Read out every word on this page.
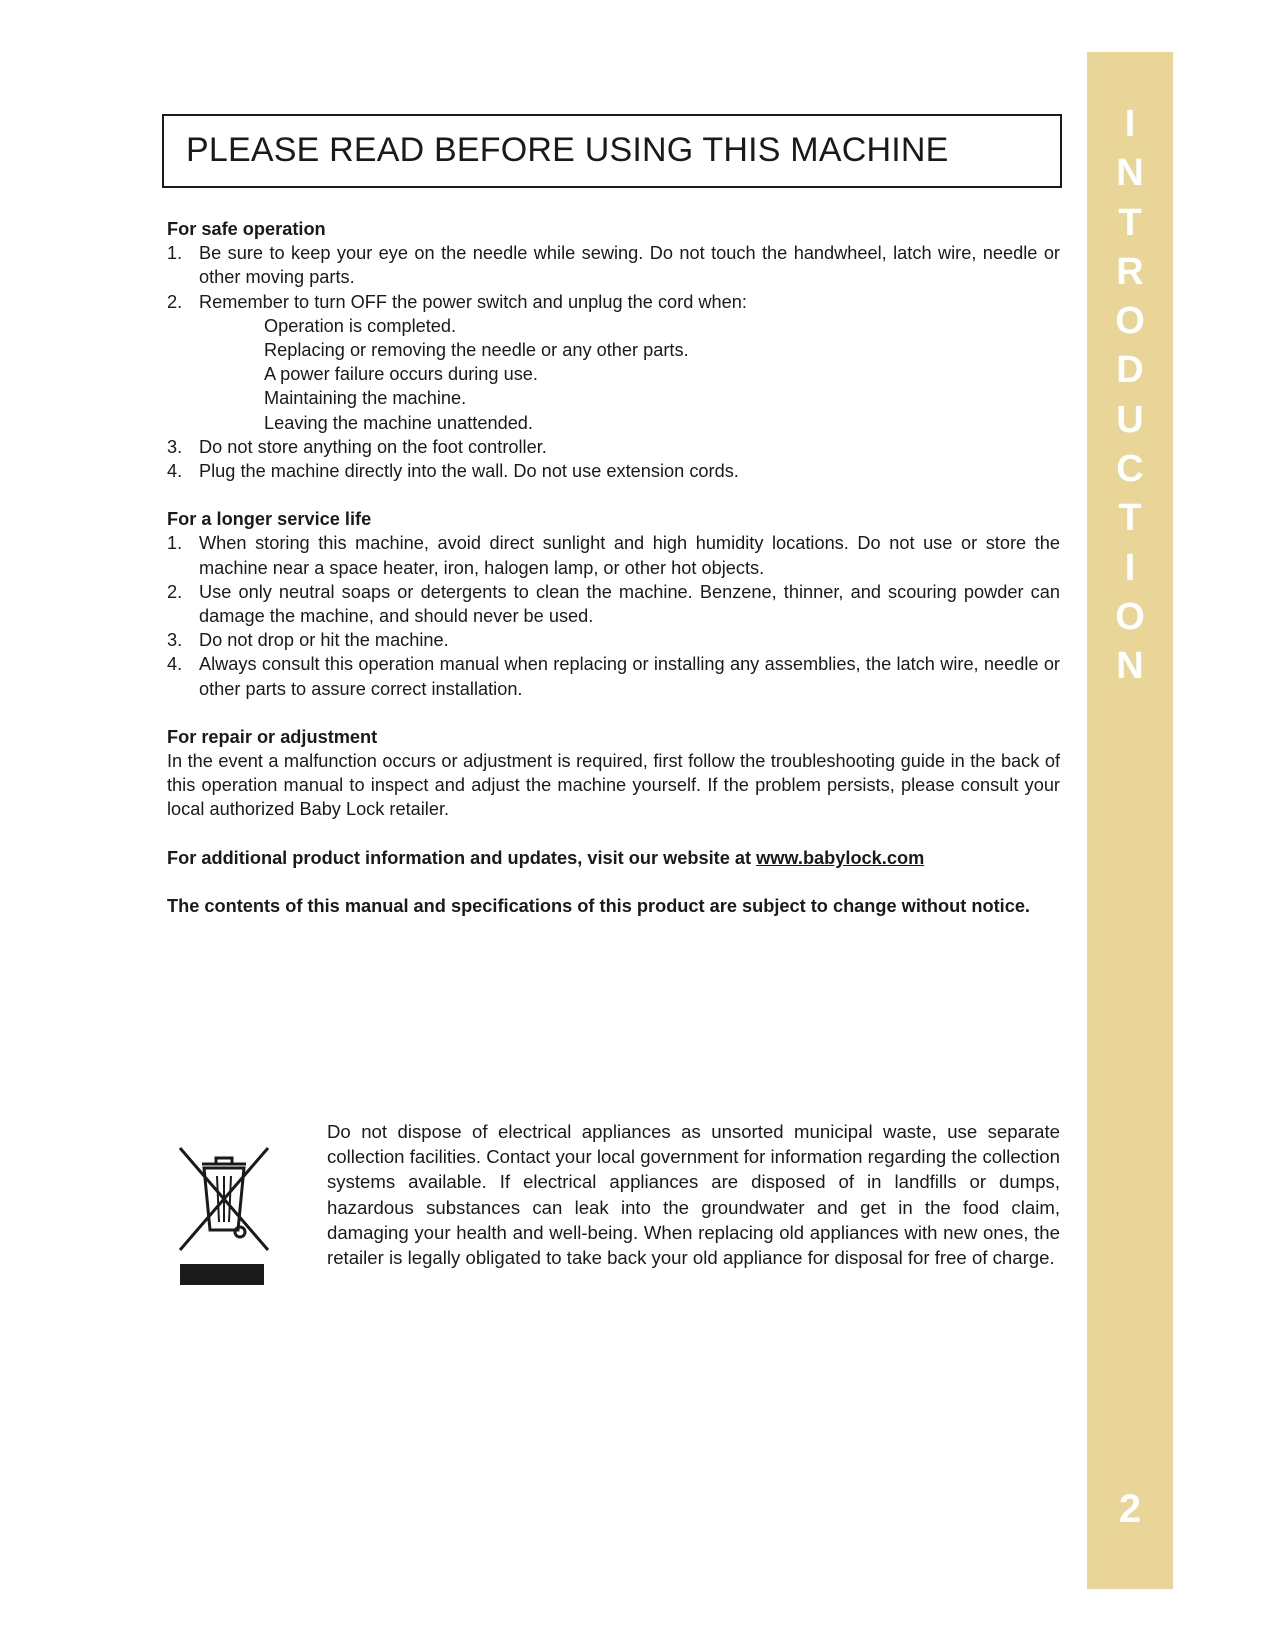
PLEASE READ BEFORE USING THIS MACHINE
For safe operation
1. Be sure to keep your eye on the needle while sewing. Do not touch the handwheel, latch wire, needle or other moving parts.
2. Remember to turn OFF the power switch and unplug the cord when:
Operation is completed.
Replacing or removing the needle or any other parts.
A power failure occurs during use.
Maintaining the machine.
Leaving the machine unattended.
3. Do not store anything on the foot controller.
4. Plug the machine directly into the wall. Do not use extension cords.
For a longer service life
1. When storing this machine, avoid direct sunlight and high humidity locations. Do not use or store the machine near a space heater, iron, halogen lamp, or other hot objects.
2. Use only neutral soaps or detergents to clean the machine. Benzene, thinner, and scouring powder can damage the machine, and should never be used.
3. Do not drop or hit the machine.
4. Always consult this operation manual when replacing or installing any assemblies, the latch wire, needle or other parts to assure correct installation.
For repair or adjustment
In the event a malfunction occurs or adjustment is required, first follow the troubleshooting guide in the back of this operation manual to inspect and adjust the machine yourself. If the problem persists, please consult your local authorized Baby Lock retailer.
For additional product information and updates, visit our website at www.babylock.com
The contents of this manual and specifications of this product are subject to change without notice.
Do not dispose of electrical appliances as unsorted municipal waste, use separate collection facilities. Contact your local government for information regarding the collection systems available. If electrical appliances are disposed of in landfills or dumps, hazardous substances can leak into the groundwater and get in the food claim, damaging your health and well-being. When replacing old appliances with new ones, the retailer is legally obligated to take back your old appliance for disposal for free of charge.
I
N
T
R
O
D
U
C
T
I
O
N
2
